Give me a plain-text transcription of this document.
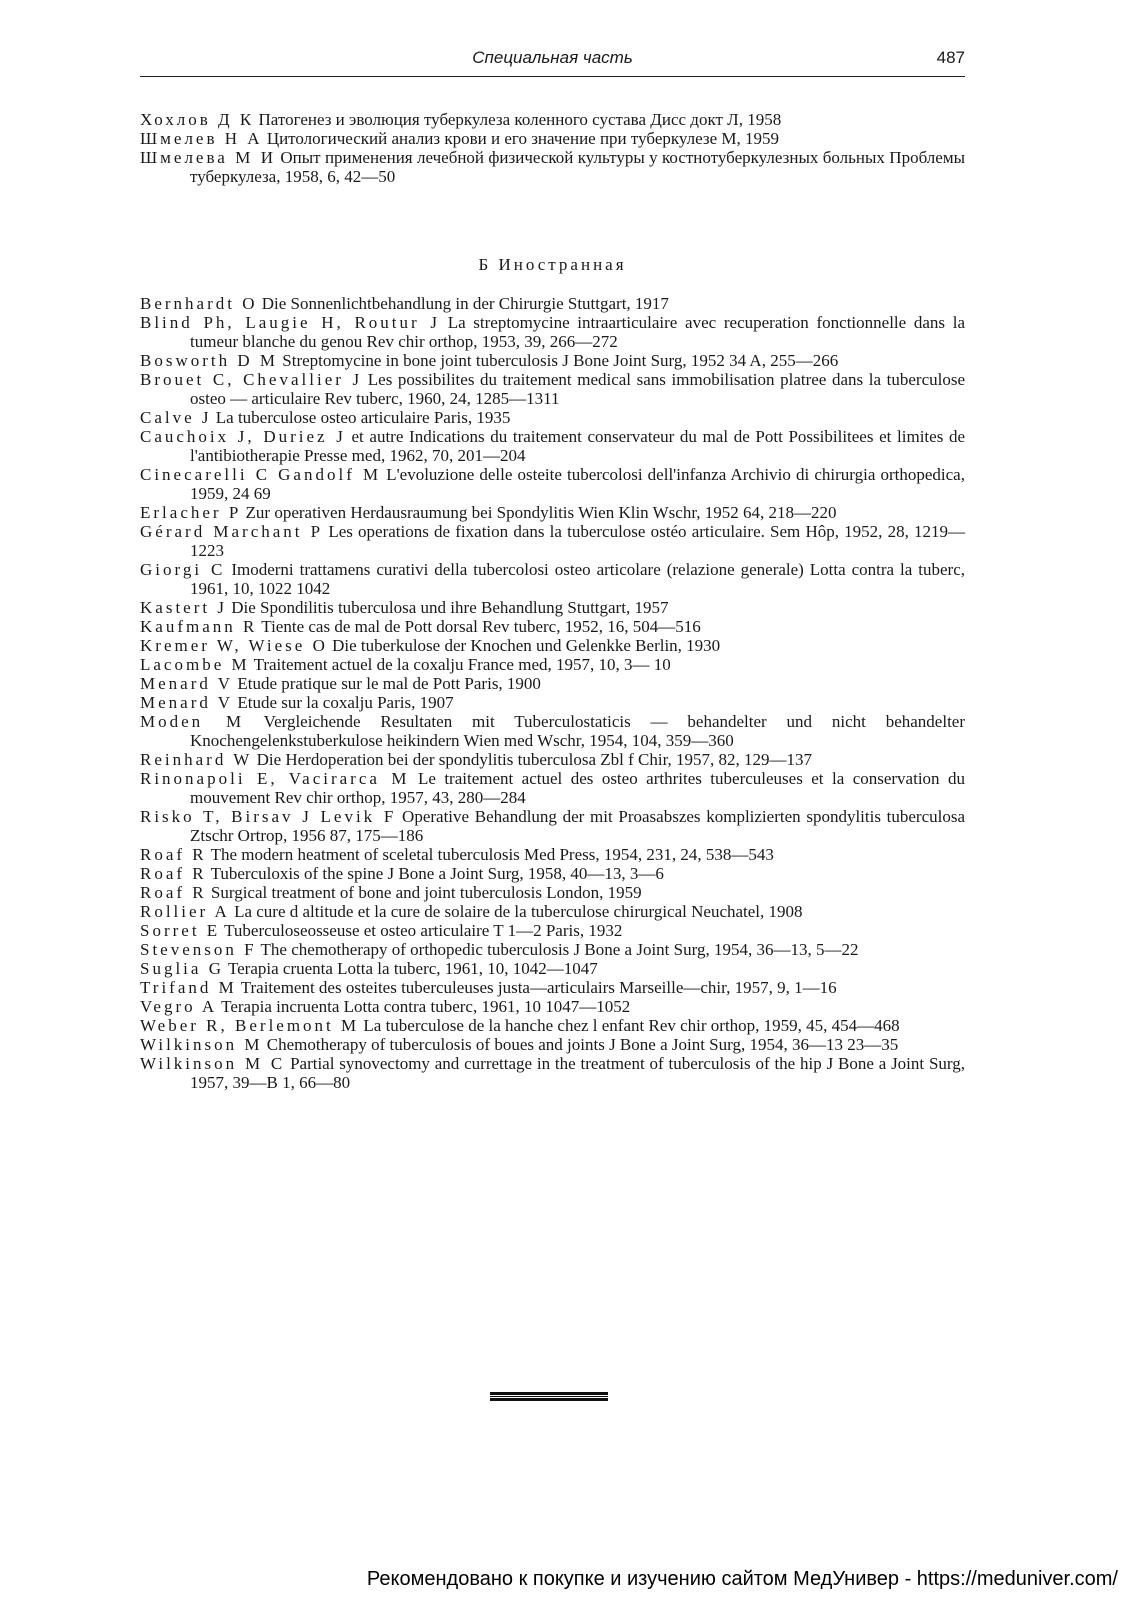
Специальная часть	487

Хохлов Д К Патогенез и эволюция туберкулеза коленного сустава Дисс докт Л, 1958

Шмелев Н А Цитологический анализ крови и его значение при туберкулезе М, 1959

Шмелева М И Опыт применения лечебной физической культуры у костнотуберкулезных больных Проблемы туберкулеза, 1958, 6, 42—50

Б Иностранная

Bernhardt O Die Sonnenlichtbehandlung in der Chirurgie Stuttgart, 1917

Blind Ph, Laugie H, Routur J La streptomycine intraarticulaire avec recuperation fonctionnelle dans la tumeur blanche du genou Rev chir orthop, 1953, 39, 266—272

Bosworth D M Streptomycine in bone joint tuberculosis J Bone Joint Surg, 1952 34 A, 255—266

Brouet C, Chevallier J Les possibilites du traitement medical sans immobilisation platree dans la tuberculose osteo — articulaire Rev tuberc, 1960, 24, 1285—1311

Calve J La tuberculose osteo articulaire Paris, 1935

Cauchoix J, Duriez J et autre Indications du traitement conservateur du mal de Pott Possibilitees et limites de l'antibiotherapie Presse med, 1962, 70, 201—204

Cinecarelli C Gandolf M L'evoluzione delle osteite tubercolosi dell'infanza Archivio di chirurgia orthopedica, 1959, 24 69

Erlacher P Zur operativen Herdausraumung bei Spondylitis Wien Klin Wschr, 1952 64, 218—220

Gérard Marchant P Les operations de fixation dans la tuberculose ostéo articulaire. Sem Hôp, 1952, 28, 1219—1223

Giorgi C Imoderni trattamens curativi della tubercolosi osteo articolare (relazione generale) Lotta contra la tuberc, 1961, 10, 1022 1042

Kastert J Die Spondilitis tuberculosa und ihre Behandlung Stuttgart, 1957

Kaufmann R Tiente cas de mal de Pott dorsal Rev tuberc, 1952, 16, 504—516

Kremer W, Wiese O Die tuberkulose der Knochen und Gelenkke Berlin, 1930

Lacombe M Traitement actuel de la coxalju France med, 1957, 10, 3— 10

Menard V Etude pratique sur le mal de Pott Paris, 1900

Menard V Etude sur la coxalju Paris, 1907

Moden M Vergleichende Resultaten mit Tuberculostaticis — behandelter und nicht behandelter Knochengelenkstuberkulose heikindern Wien med Wschr, 1954, 104, 359—360

Reinhard W Die Herdoperation bei der spondylitis tuberculosa Zbl f Chir, 1957, 82, 129—137

Rinonapoli E, Vacirarca M Le traitement actuel des osteo arthrites tuberculeuses et la conservation du mouvement Rev chir orthop, 1957, 43, 280—284

Risko T, Birsav J Levik F Operative Behandlung der mit Proasabszes komplizierten spondylitis tuberculosa Ztschr Ortrop, 1956 87, 175—186

Roaf R The modern heatment of sceletal tuberculosis Med Press, 1954, 231, 24, 538—543

Roaf R Tuberculoxis of the spine J Bone a Joint Surg, 1958, 40—13, 3—6

Roaf R Surgical treatment of bone and joint tuberculosis London, 1959

Rollier A La cure d altitude et la cure de solaire de la tuberculose chirurgical Neuchatel, 1908

Sorret E Tuberculoseosseuse et osteo articulaire T 1—2 Paris, 1932

Stevenson F The chemotherapy of orthopedic tuberculosis J Bone a Joint Surg, 1954, 36—13, 5—22

Suglia G Terapia cruenta Lotta la tuberc, 1961, 10, 1042—1047

Trifand M Traitement des osteites tuberculeuses justa—articulairs Marseille—chir, 1957, 9, 1—16

Vegro A Terapia incruenta Lotta contra tuberc, 1961, 10 1047—1052

Weber R, Berlemont M La tuberculose de la hanche chez l enfant Rev chir orthop, 1959, 45, 454—468

Wilkinson M Chemotherapy of tuberculosis of boues and joints J Bone a Joint Surg, 1954, 36—13 23—35

Wilkinson M C Partial synovectomy and currettage in the treatment of tuberculosis of the hip J Bone a Joint Surg, 1957, 39—B 1, 66—80

Рекомендовано к покупке и изучению сайтом МедУнивер - https://meduniver.com/
